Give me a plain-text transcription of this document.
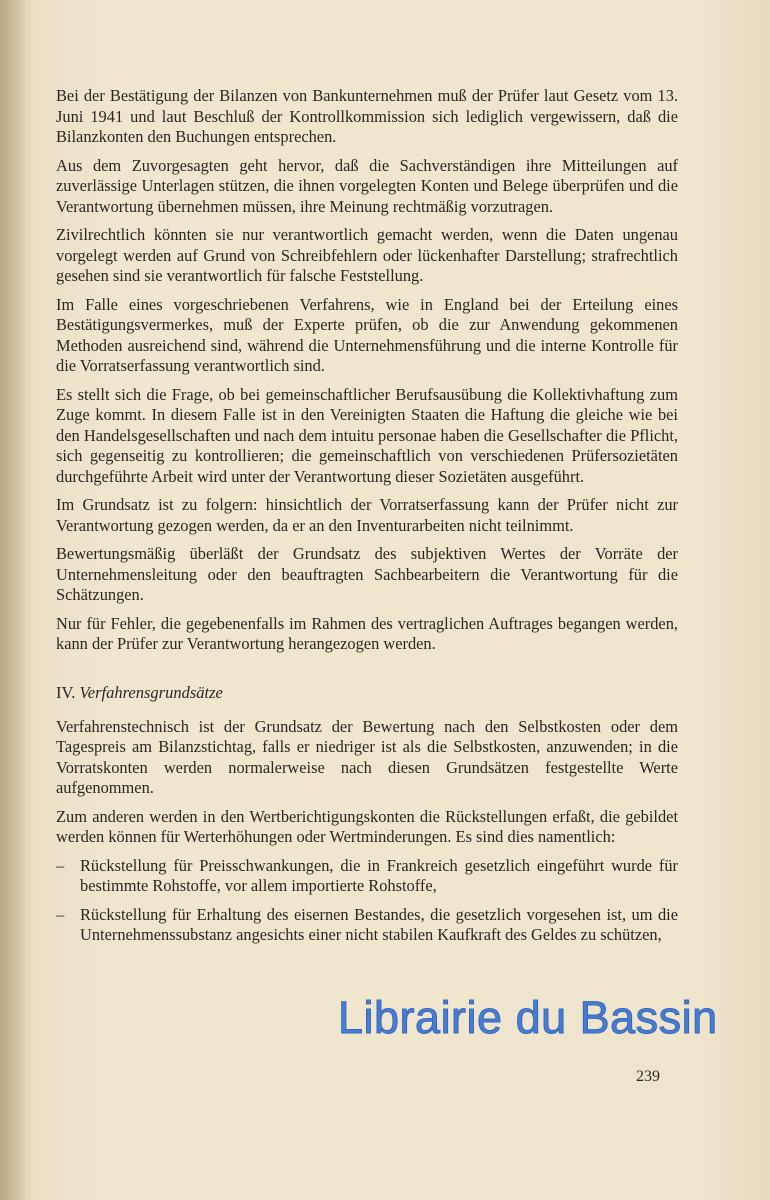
Bei der Bestätigung der Bilanzen von Bankunternehmen muß der Prüfer laut Gesetz vom 13. Juni 1941 und laut Beschluß der Kontrollkommission sich lediglich vergewissern, daß die Bilanzkonten den Buchungen entsprechen.

Aus dem Zuvorgesagten geht hervor, daß die Sachverständigen ihre Mitteilungen auf zuverlässige Unterlagen stützen, die ihnen vorgelegten Konten und Belege überprüfen und die Verantwortung übernehmen müssen, ihre Meinung rechtmäßig vorzutragen.

Zivilrechtlich könnten sie nur verantwortlich gemacht werden, wenn die Daten ungenau vorgelegt werden auf Grund von Schreibfehlern oder lückenhafter Darstellung; strafrechtlich gesehen sind sie verantwortlich für falsche Feststellung.

Im Falle eines vorgeschriebenen Verfahrens, wie in England bei der Erteilung eines Bestätigungsvermerkes, muß der Experte prüfen, ob die zur Anwendung gekommenen Methoden ausreichend sind, während die Unternehmensführung und die interne Kontrolle für die Vorratserfassung verantwortlich sind.

Es stellt sich die Frage, ob bei gemeinschaftlicher Berufsausübung die Kollektivhaftung zum Zuge kommt. In diesem Falle ist in den Vereinigten Staaten die Haftung die gleiche wie bei den Handelsgesellschaften und nach dem intuitu personae haben die Gesellschafter die Pflicht, sich gegenseitig zu kontrollieren; die gemeinschaftlich von verschiedenen Prüfersozietäten durchgeführte Arbeit wird unter der Verantwortung dieser Sozietäten ausgeführt.

Im Grundsatz ist zu folgern: hinsichtlich der Vorratserfassung kann der Prüfer nicht zur Verantwortung gezogen werden, da er an den Inventurarbeiten nicht teilnimmt.

Bewertungsmäßig überläßt der Grundsatz des subjektiven Wertes der Vorräte der Unternehmensleitung oder den beauftragten Sachbearbeitern die Verantwortung für die Schätzungen.

Nur für Fehler, die gegebenenfalls im Rahmen des vertraglichen Auftrages begangen werden, kann der Prüfer zur Verantwortung herangezogen werden.

IV. Verfahrensgrundsätze

Verfahrenstechnisch ist der Grundsatz der Bewertung nach den Selbstkosten oder dem Tagespreis am Bilanzstichtag, falls er niedriger ist als die Selbstkosten, anzuwenden; in die Vorratskonten werden normalerweise nach diesen Grundsätzen festgestellte Werte aufgenommen.

Zum anderen werden in den Wertberichtigungskonten die Rückstellungen erfaßt, die gebildet werden können für Werterhöhungen oder Wertminderungen. Es sind dies namentlich:

– Rückstellung für Preisschwankungen, die in Frankreich gesetzlich eingeführt wurde für bestimmte Rohstoffe, vor allem importierte Rohstoffe,
– Rückstellung für Erhaltung des eisernen Bestandes, die gesetzlich vorgesehen ist, um die Unternehmenssubstanz angesichts einer nicht stabilen Kaufkraft des Geldes zu schützen,
239
Librairie du Bassin
